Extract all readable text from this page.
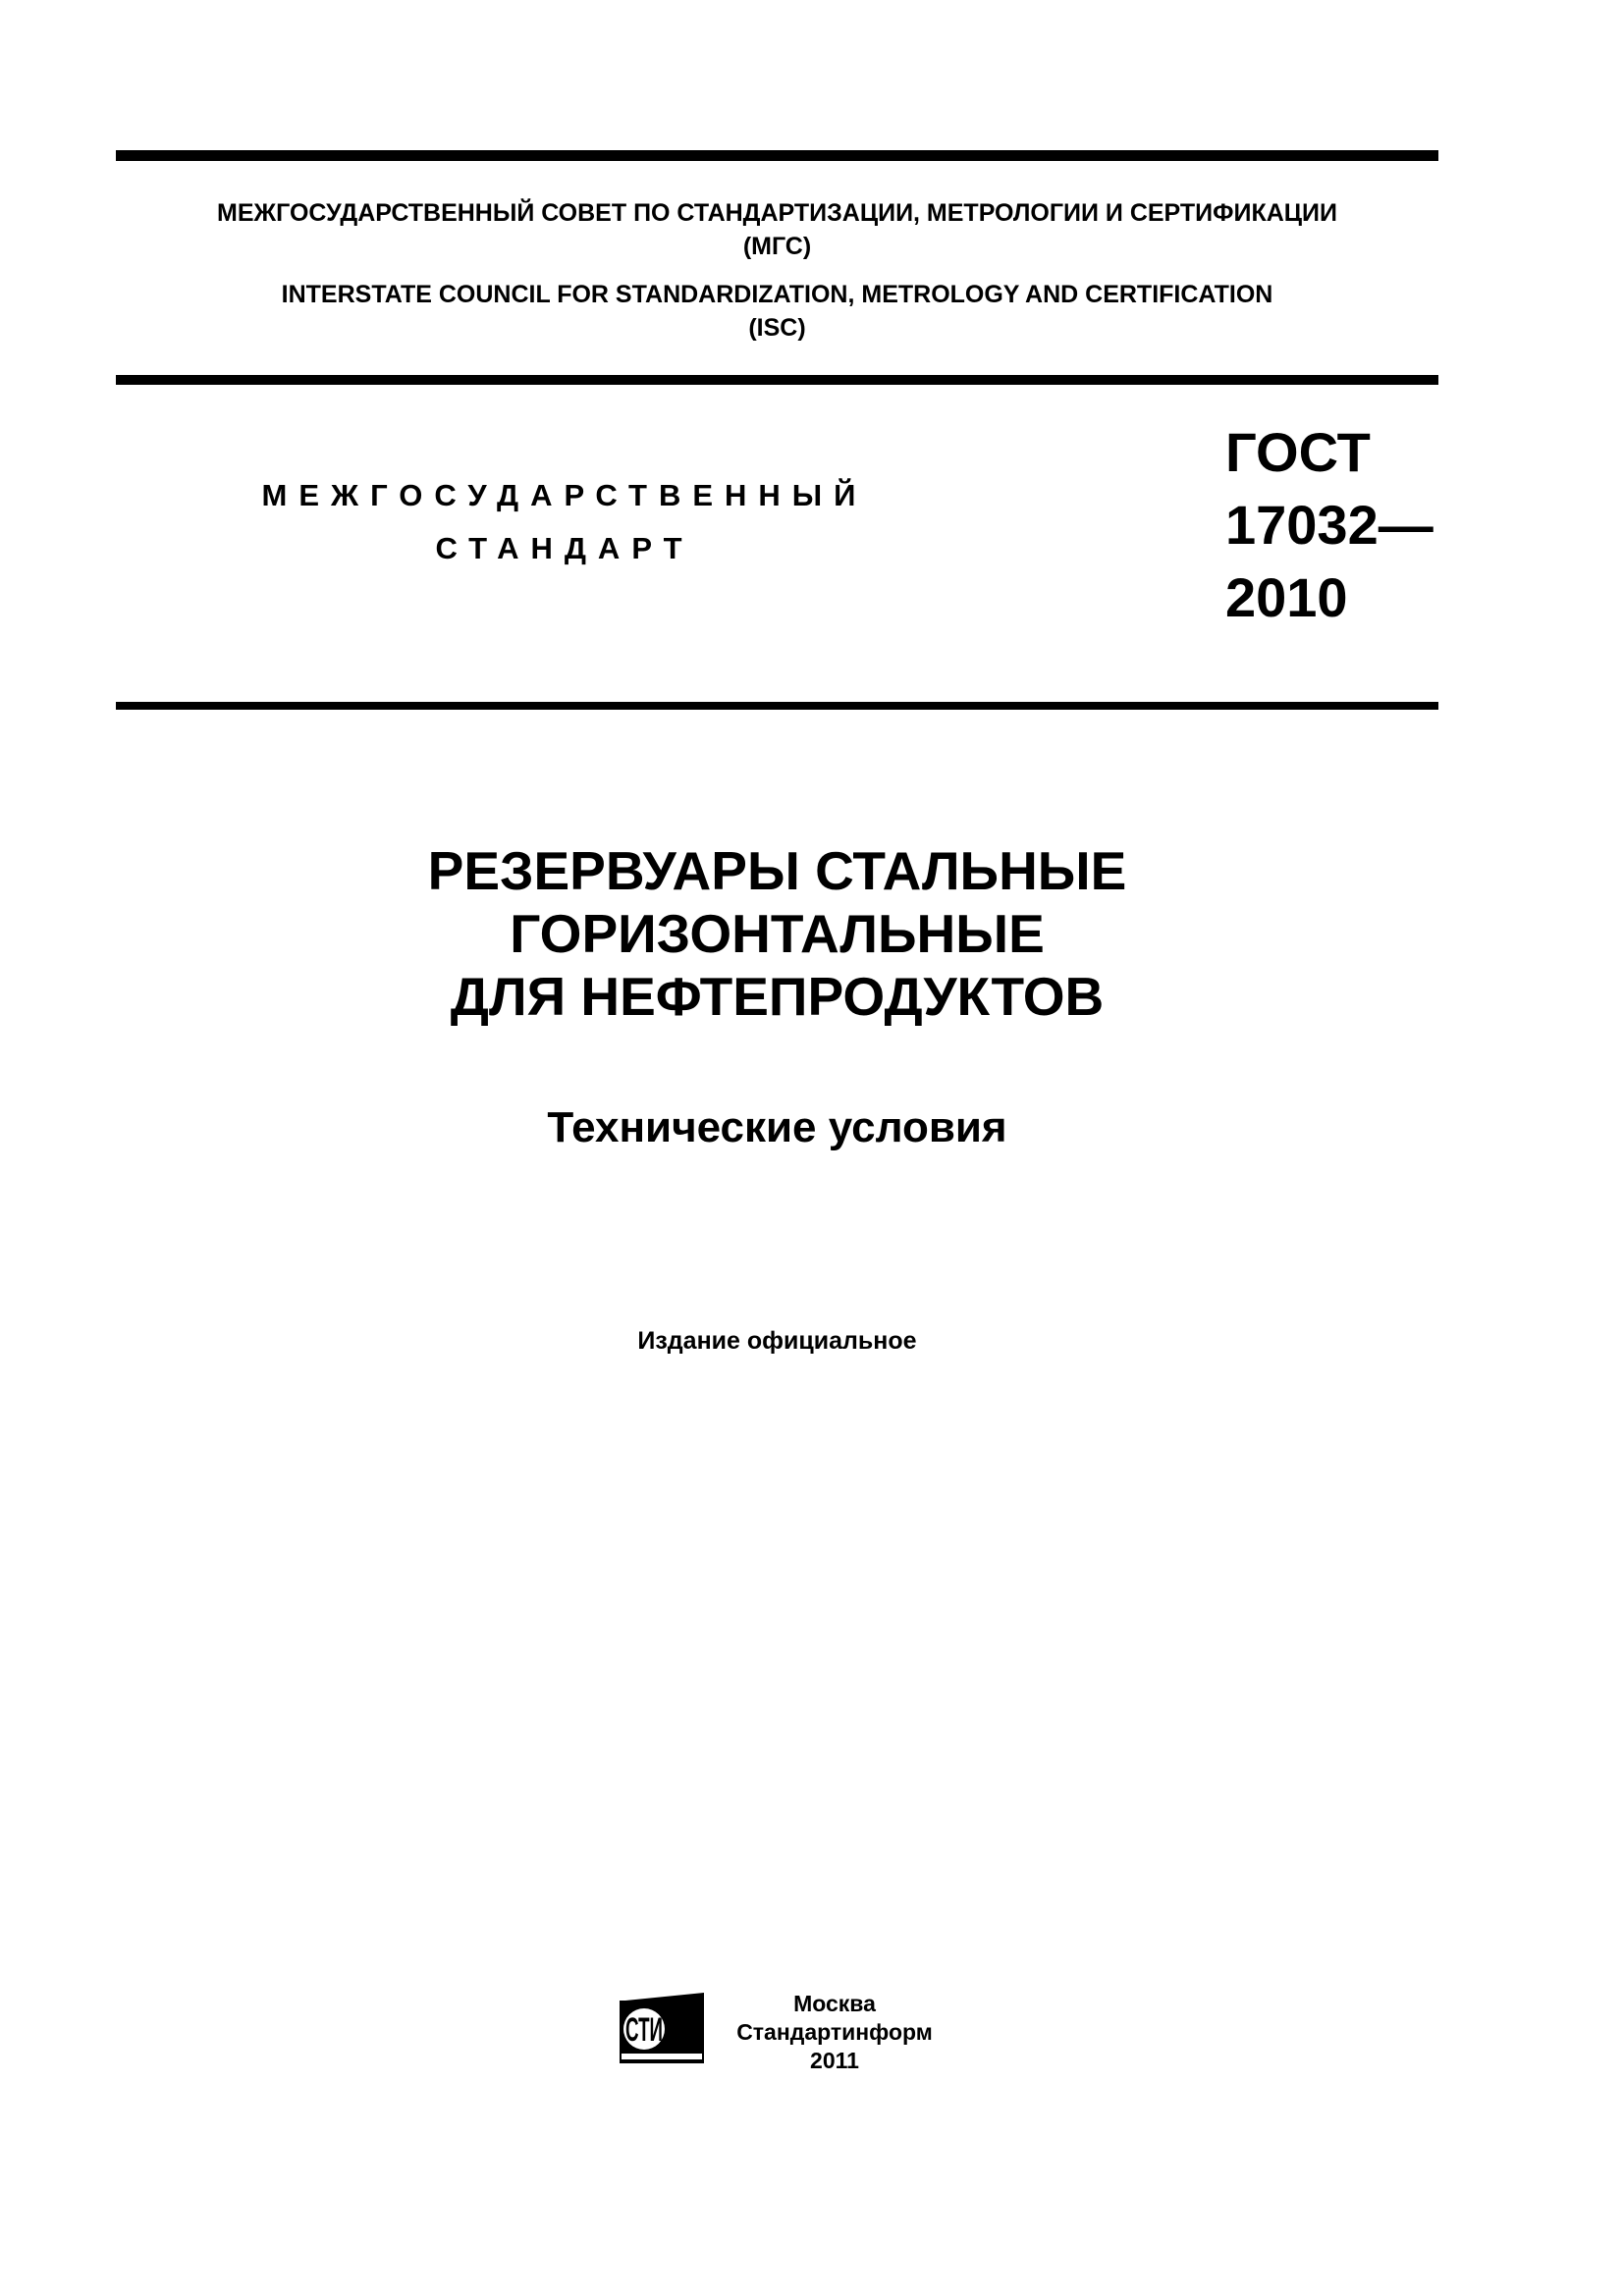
МЕЖГОСУДАРСТВЕННЫЙ СОВЕТ ПО СТАНДАРТИЗАЦИИ, МЕТРОЛОГИИ И СЕРТИФИКАЦИИ
(МГС)
INTERSTATE COUNCIL FOR STANDARDIZATION, METROLOGY AND CERTIFICATION
(ISC)
МЕЖГОСУДАРСТВЕННЫЙ
СТАНДАРТ
ГОСТ
17032—
2010
РЕЗЕРВУАРЫ СТАЛЬНЫЕ
ГОРИЗОНТАЛЬНЫЕ
ДЛЯ НЕФТЕПРОДУКТОВ
Технические условия
Издание официальное
СТИ
Москва
Стандартинформ
2011
